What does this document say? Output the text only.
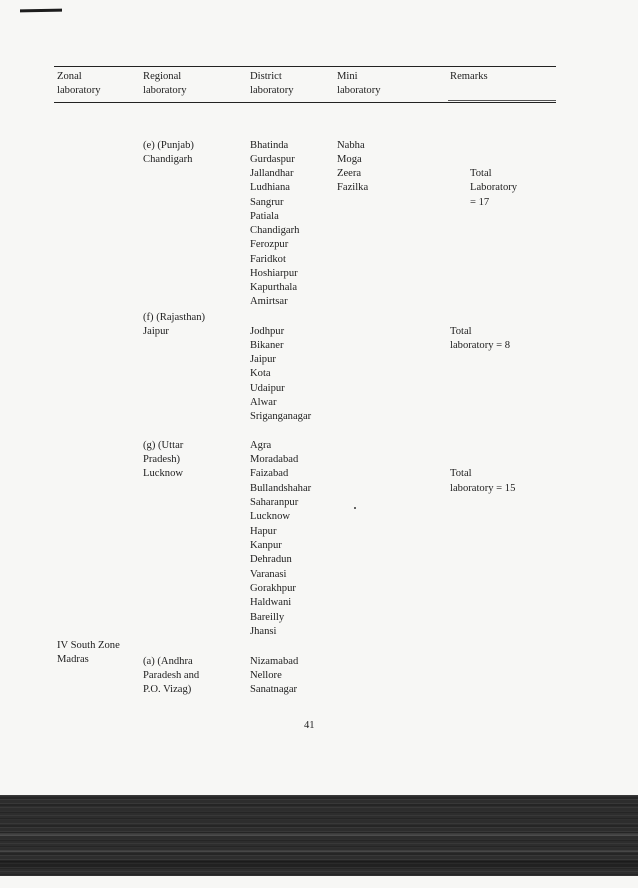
Zonal
laboratory
Regional
laboratory
District
laboratory
Mini
laboratory
Remarks
(e) (Punjab)
Chandigarh
Bhatinda
Gurdaspur
Jallandhar
Ludhiana
Sangrur
Patiala
Chandigarh
Ferozpur
Faridkot
Hoshiarpur
Kapurthala
Amirtsar
Nabha
Moga
Zeera
Fazilka
Total
Laboratory
= 17
(f) (Rajasthan)
Jaipur	Jodhpur
Bikaner
Jaipur
Kota
Udaipur
Alwar
Sriganganagar
Total
laboratory = 8
(g) (Uttar
Pradesh)
Lucknow
Agra
Moradabad
Faizabad
Bullandshahar
Saharanpur
Lucknow
Hapur
Kanpur
Dehradun
Varanasi
Gorakhpur
Haldwani
Bareilly
Jhansi
Total
laboratory = 15
IV South Zone
Madras	(a) (Andhra
Paradesh and
P.O. Vizag)
Nizamabad
Nellore
Sanatnagar
41
